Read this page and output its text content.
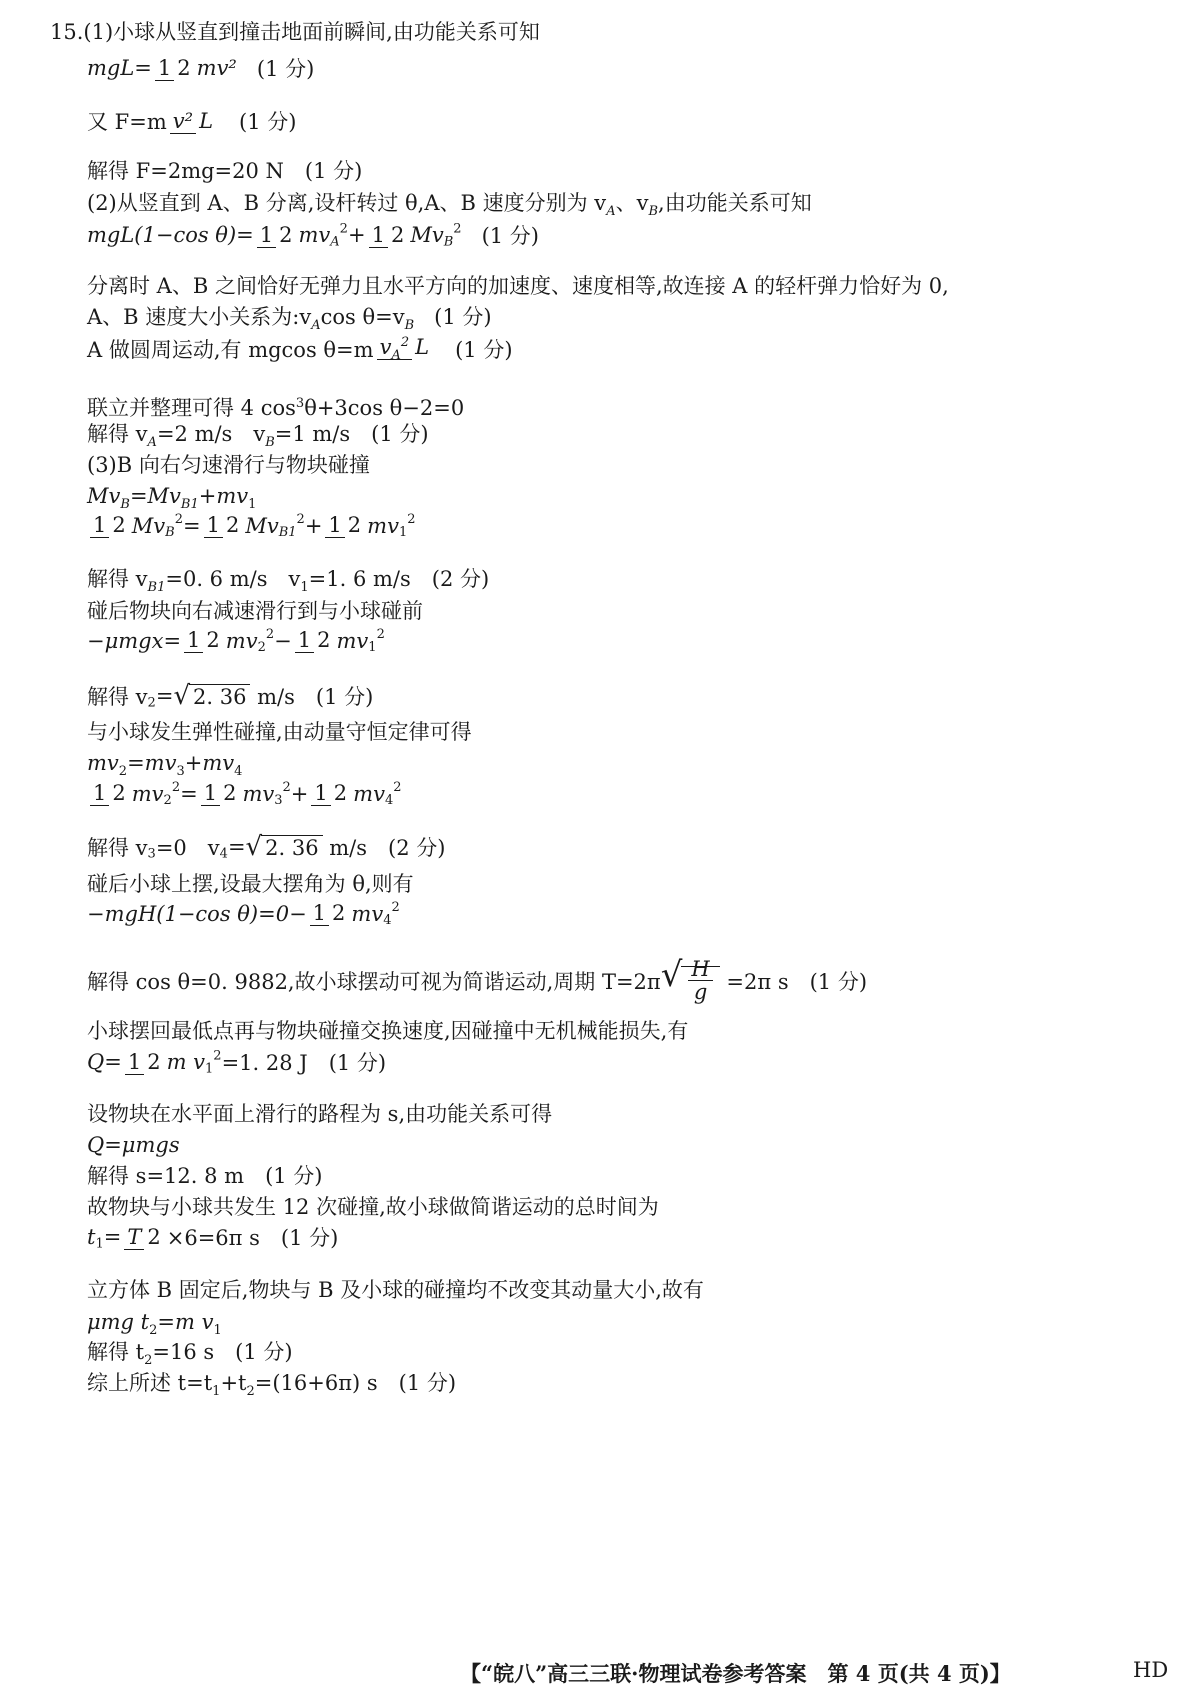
15.(1)小球从竖直到撞击地面前瞬间,由功能关系可知
mgL= 1 2 mv² (1 分)
又 F=m v² L (1 分)
解得 F=2mg=20 N　(1 分)
(2)从竖直到 A、B 分离,设杆转过 θ,A、B 速度分别为 $v_A$、$v_B$,由功能关系可知
mgL(1−cos θ)= 1 2 $mv_A^2+ 1$ 2 $Mv_B^2$ (1 分)
分离时 A、B 之间恰好无弹力且水平方向的加速度、速度相等,故连接 A 的轻杆弹力恰好为 0,
A、B 速度大小关系为$:v_A\cos$ $\theta=v_B$ (1 分)
A 做圆周运动,有 mgcos θ=m $v_A^2$ L (1 分)
联立并整理可得 4 $\cos^3\theta+3\cos$ θ−2=0
解得 $v_A=2$ m/s　$v_B=1$ m/s　(1 分)
(3)B 向右匀速滑行与物块碰撞
$Mv_B=Mv_{B1}+mv_1$
1 2 $Mv_B^2= 1$ 2 $Mv_{B1}^2+ 1$ 2 $mv_1^2$
解得 $v_{B1}=0$. 6 m/s　$v_1=1$. 6 m/s　(2 分)
碰后物块向右减速滑行到与小球碰前
−μmgx= 1 2 $mv_2^2- 1$ 2 $mv_1^2$
解得 $v_2=√$ 2. 36 m/s　(1 分)
与小球发生弹性碰撞,由动量守恒定律可得
$mv_2=mv_3+mv_4$
1 2 $mv_2^2= 1$ 2 $mv_3^2+ 1$ 2 $mv_4^2$
解得 $v_3=0$　$v_4=√$ 2. 36 m/s　(2 分)
碰后小球上摆,设最大摆角为 θ,则有
−mgH(1−cos θ)=0− 1 2 $mv_4^2$
解得 cos θ=0. 9882,故小球摆动可视为简谐运动,周期 $T=2\pi√ \frac{H}{g} =2\pi$ s　(1 分)
小球摆回最低点再与物块碰撞交换速度,因碰撞中无机械能损失,有
Q= 1 2 m $v_1^2=1$. 28 J　(1 分)
设物块在水平面上滑行的路程为 s,由功能关系可得
Q=μmgs
解得 s=12. 8 m　(1 分)
故物块与小球共发生 12 次碰撞,故小球做简谐运动的总时间为
$t_1= T$ 2 ×6=6π s　(1 分)
立方体 B 固定后,物块与 B 及小球的碰撞均不改变其动量大小,故有
μmg $t_2=m$ $v_1$
解得 $t_2=16$ s　(1 分)
综上所述 $t=t_1+t_2=(16+6\pi)$ s　(1 分)
【“皖八”高三三联·物理试卷参考答案　第 4 页(共 4 页)】	HD
